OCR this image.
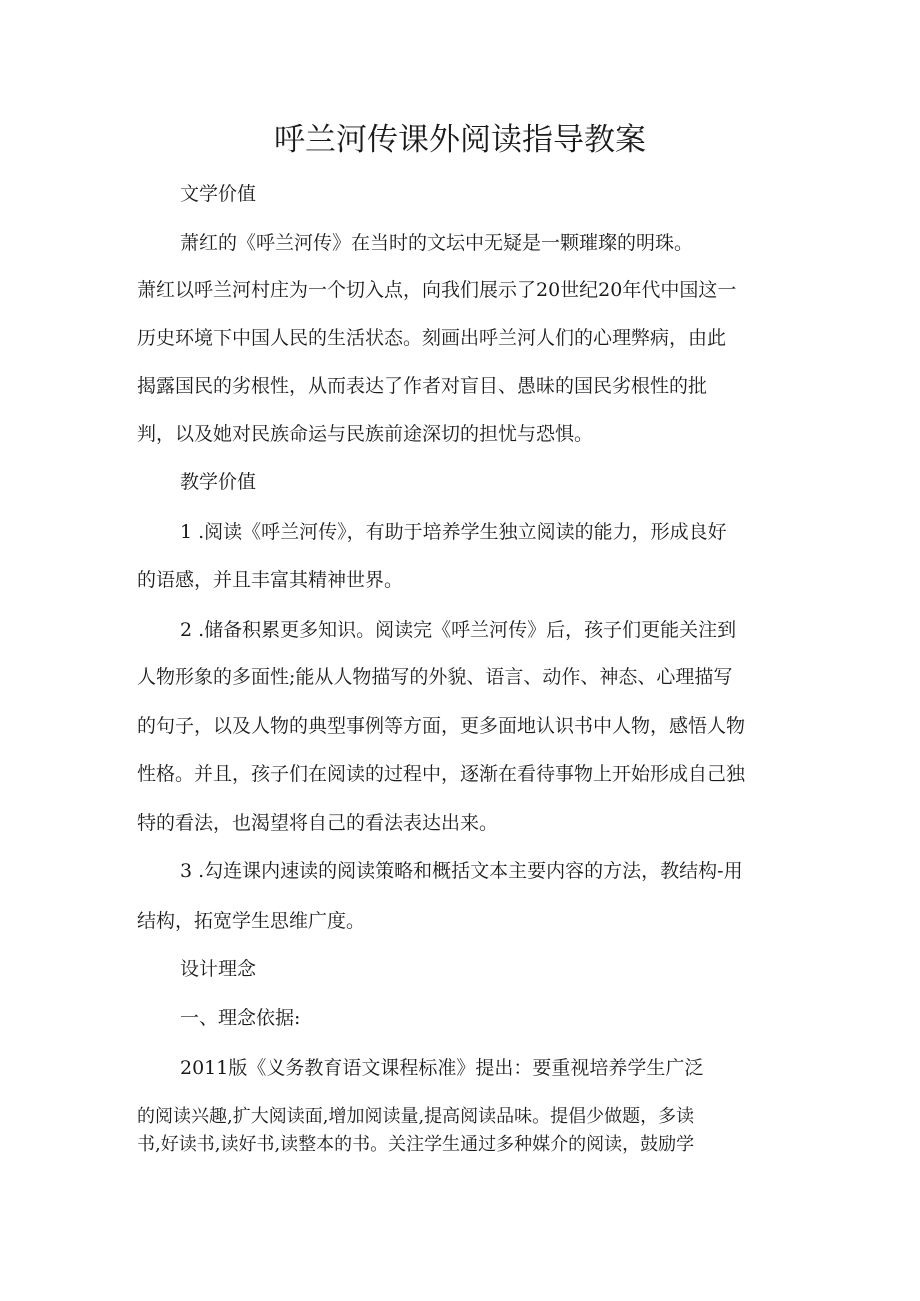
呼兰河传课外阅读指导教案

文学价值

萧红的《呼兰河传》在当时的文坛中无疑是一颗璀璨的明珠。

萧红以呼兰河村庄为一个切入点，向我们展示了20世纪20年代中国这一

历史环境下中国人民的生活状态。刻画出呼兰河人们的心理弊病，由此

揭露国民的劣根性，从而表达了作者对盲目、愚昧的国民劣根性的批

判，以及她对民族命运与民族前途深切的担忧与恐惧。

教学价值

1 .阅读《呼兰河传》，有助于培养学生独立阅读的能力，形成良好

的语感，并且丰富其精神世界。

2 .储备积累更多知识。阅读完《呼兰河传》后，孩子们更能关注到

人物形象的多面性;能从人物描写的外貌、语言、动作、神态、心理描写

的句子，以及人物的典型事例等方面，更多面地认识书中人物，感悟人物

性格。并且，孩子们在阅读的过程中，逐渐在看待事物上开始形成自己独

特的看法，也渴望将自己的看法表达出来。

3 .勾连课内速读的阅读策略和概括文本主要内容的方法，教结构-用

结构，拓宽学生思维广度。

设计理念

一、理念依据:

2011版《义务教育语文课程标准》提出：要重视培养学生广泛

的阅读兴趣,扩大阅读面,增加阅读量,提高阅读品味。提倡少做题，多读

书,好读书,读好书,读整本的书。关注学生通过多种媒介的阅读，鼓励学
